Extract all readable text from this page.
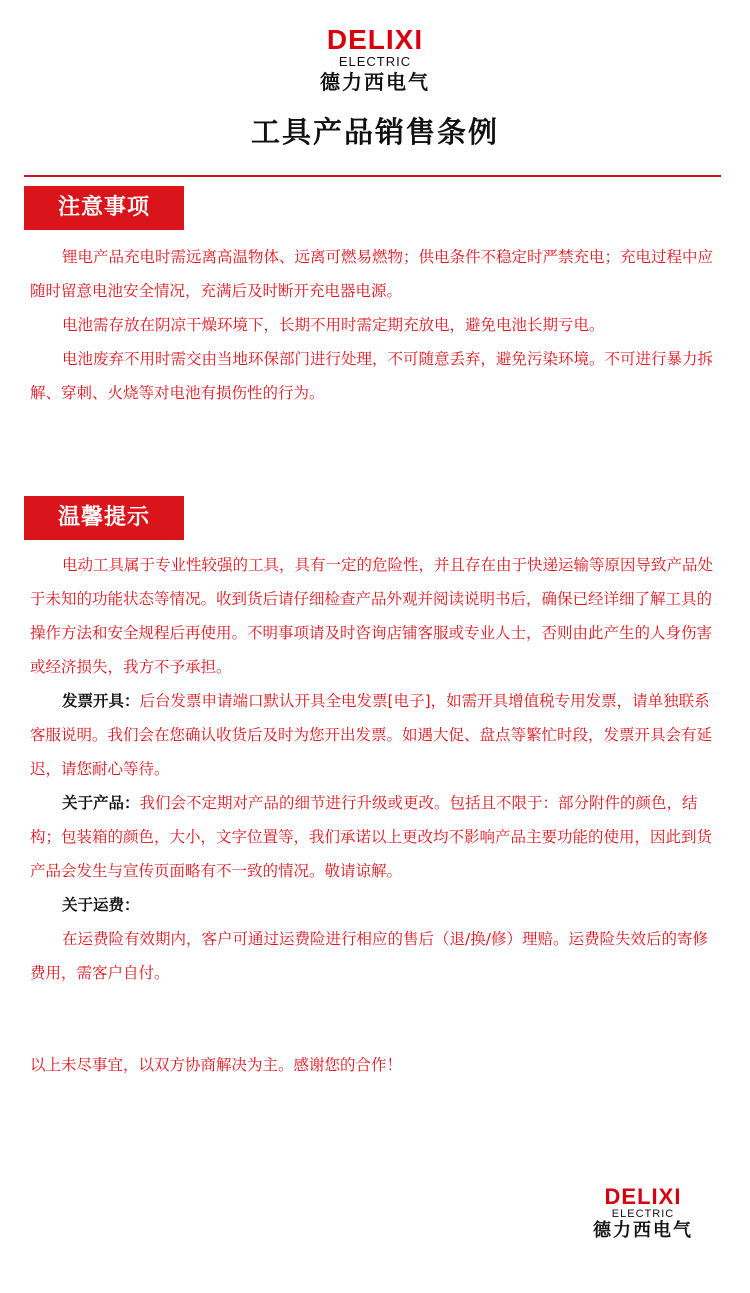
DELIXI
ELECTRIC
德力西电气
工具产品销售条例
注意事项

锂电产品充电时需远离高温物体、远离可燃易燃物；供电条件不稳定时严禁充电；充电过程中应随时留意电池安全情况，充满后及时断开充电器电源。

电池需存放在阴凉干燥环境下，长期不用时需定期充放电，避免电池长期亏电。

电池废弃不用时需交由当地环保部门进行处理，不可随意丢弃，避免污染环境。不可进行暴力拆解、穿刺、火烧等对电池有损伤性的行为。

温馨提示

电动工具属于专业性较强的工具，具有一定的危险性，并且存在由于快递运输等原因导致产品处于未知的功能状态等情况。收到货后请仔细检查产品外观并阅读说明书后，确保已经详细了解工具的操作方法和安全规程后再使用。不明事项请及时咨询店铺客服或专业人士，否则由此产生的人身伤害或经济损失，我方不予承担。

发票开具：后台发票申请端口默认开具全电发票[电子]，如需开具增值税专用发票，请单独联系客服说明。我们会在您确认收货后及时为您开出发票。如遇大促、盘点等繁忙时段，发票开具会有延迟，请您耐心等待。

关于产品：我们会不定期对产品的细节进行升级或更改。包括且不限于：部分附件的颜色，结构；包装箱的颜色，大小，文字位置等，我们承诺以上更改均不影响产品主要功能的使用，因此到货产品会发生与宣传页面略有不一致的情况。敬请谅解。

关于运费：

在运费险有效期内，客户可通过运费险进行相应的售后（退/换/修）理赔。运费险失效后的寄修费用，需客户自付。

以上未尽事宜，以双方协商解决为主。感谢您的合作！

DELIXI
ELECTRIC
德力西电气
